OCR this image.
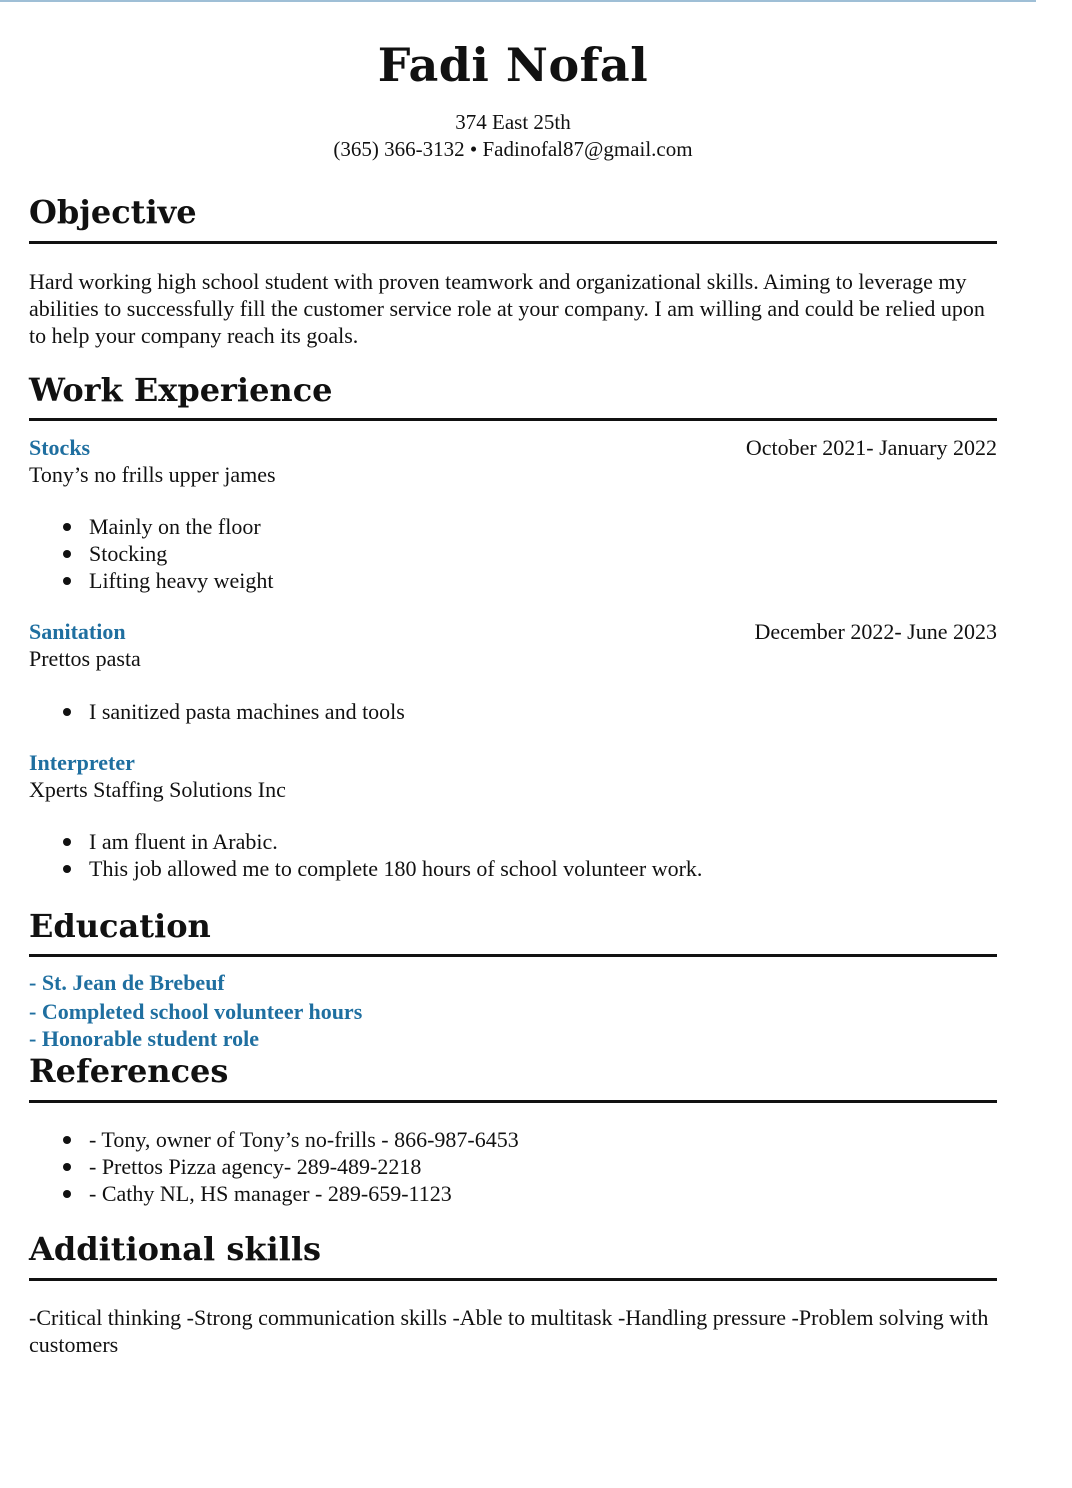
Fadi Nofal
374 East 25th
(365) 366-3132 • Fadinofal87@gmail.com
Objective
Hard working high school student with proven teamwork and organizational skills. Aiming to leverage my abilities to successfully fill the customer service role at your company. I am willing and could be relied upon to help your company reach its goals.
Work Experience
Stocks	October 2021- January 2022
Tony’s no frills upper james
Mainly on the floor
Stocking
Lifting heavy weight
Sanitation	December 2022- June 2023
Prettos pasta
I sanitized pasta machines and tools
Interpreter
Xperts Staffing Solutions Inc
I am fluent in Arabic.
This job allowed me to complete 180 hours of school volunteer work.
Education
- St. Jean de Brebeuf
- Completed school volunteer hours
- Honorable student role
References
- Tony, owner of Tony’s no-frills - 866-987-6453
- Prettos Pizza agency- 289-489-2218
- Cathy NL, HS manager - 289-659-1123
Additional skills
-Critical thinking -Strong communication skills -Able to multitask -Handling pressure -Problem solving with customers
